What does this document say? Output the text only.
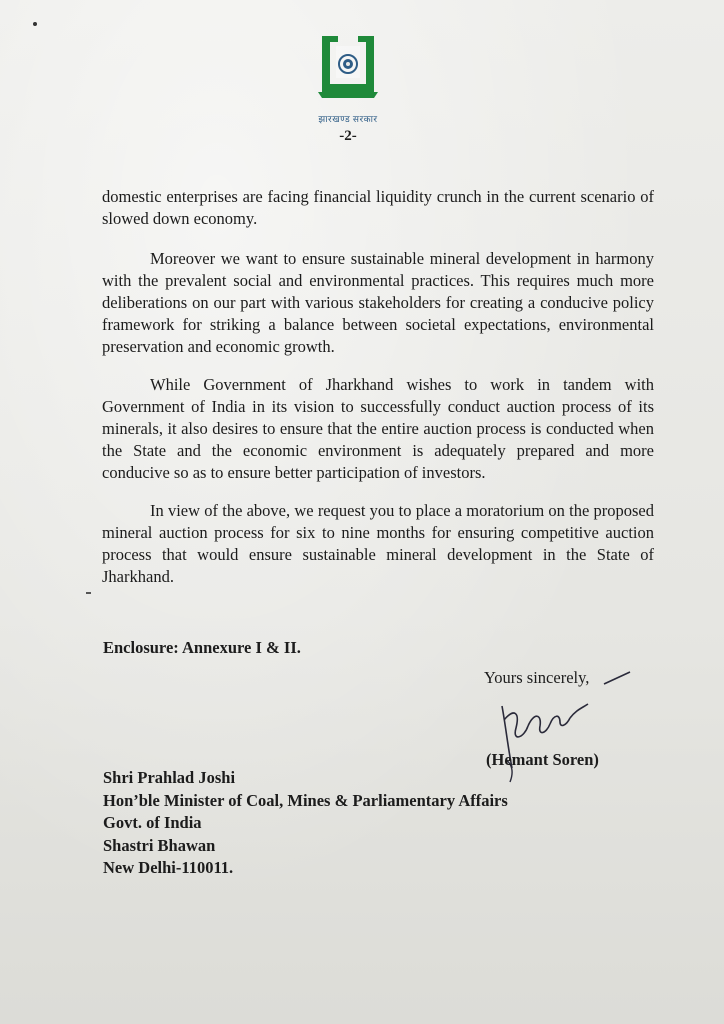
झारखण्ड सरकार
-2-

domestic enterprises are facing financial liquidity crunch in the current scenario of slowed down economy.

Moreover we want to ensure sustainable mineral development in harmony with the prevalent social and environmental practices. This requires much more deliberations on our part with various stakeholders for creating a conducive policy framework for striking a balance between societal expectations, environmental preservation and economic growth.

While Government of Jharkhand wishes to work in tandem with Government of India in its vision to successfully conduct auction process of its minerals, it also desires to ensure that the entire auction process is conducted when the State and the economic environment is adequately prepared and more conducive so as to ensure better participation of investors.

In view of the above, we request you to place a moratorium on the proposed mineral auction process for six to nine months for ensuring competitive auction process that would ensure sustainable mineral development in the State of Jharkhand.

Enclosure: Annexure I & II.
Yours sincerely,
(Hemant Soren)
Shri Prahlad Joshi
Hon’ble Minister of Coal, Mines & Parliamentary Affairs
Govt. of India
Shastri Bhawan
New Delhi-110011.
